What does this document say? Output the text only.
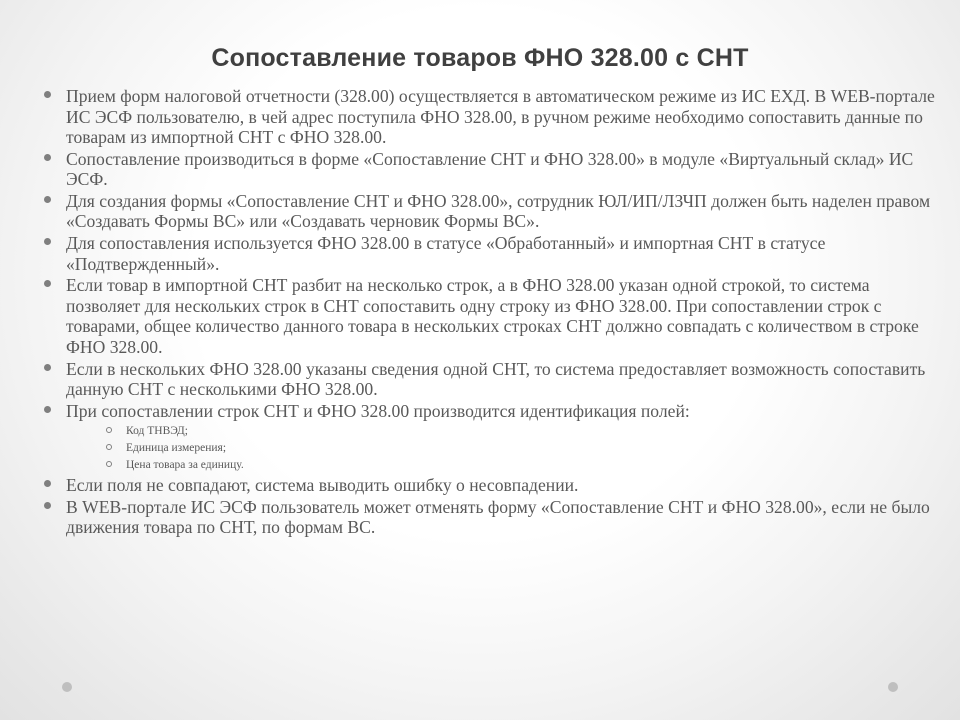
Сопоставление товаров ФНО 328.00 с СНТ
Прием форм налоговой отчетности (328.00) осуществляется в автоматическом режиме из ИС ЕХД. В WEB-портале ИС ЭСФ пользователю, в чей адрес поступила ФНО 328.00, в ручном режиме необходимо сопоставить данные по товарам из импортной СНТ с ФНО 328.00.
Сопоставление производиться в форме «Сопоставление СНТ и ФНО 328.00» в модуле «Виртуальный склад» ИС ЭСФ.
Для создания формы «Сопоставление СНТ и ФНО 328.00», сотрудник ЮЛ/ИП/ЛЗЧП должен быть наделен правом «Создавать Формы ВС» или «Создавать черновик Формы ВС».
Для сопоставления используется ФНО 328.00 в статусе «Обработанный» и импортная СНТ в статусе «Подтвержденный».
Если товар в импортной СНТ разбит на несколько строк, а в ФНО 328.00 указан одной строкой, то система позволяет для нескольких строк в СНТ сопоставить одну строку из ФНО 328.00. При сопоставлении строк с товарами, общее количество данного товара в нескольких строках СНТ должно совпадать с количеством в строке ФНО 328.00.
Если в нескольких ФНО 328.00 указаны сведения одной СНТ, то система предоставляет возможность сопоставить данную СНТ с несколькими ФНО 328.00.
При сопоставлении строк СНТ и ФНО 328.00 производится идентификация полей:
Код ТНВЭД;
Единица измерения;
Цена товара за единицу.
Если поля не совпадают, система выводить ошибку о несовпадении.
В WEB-портале ИС ЭСФ пользователь может отменять форму «Сопоставление СНТ и ФНО 328.00», если не было движения товара по СНТ, по формам ВС.
